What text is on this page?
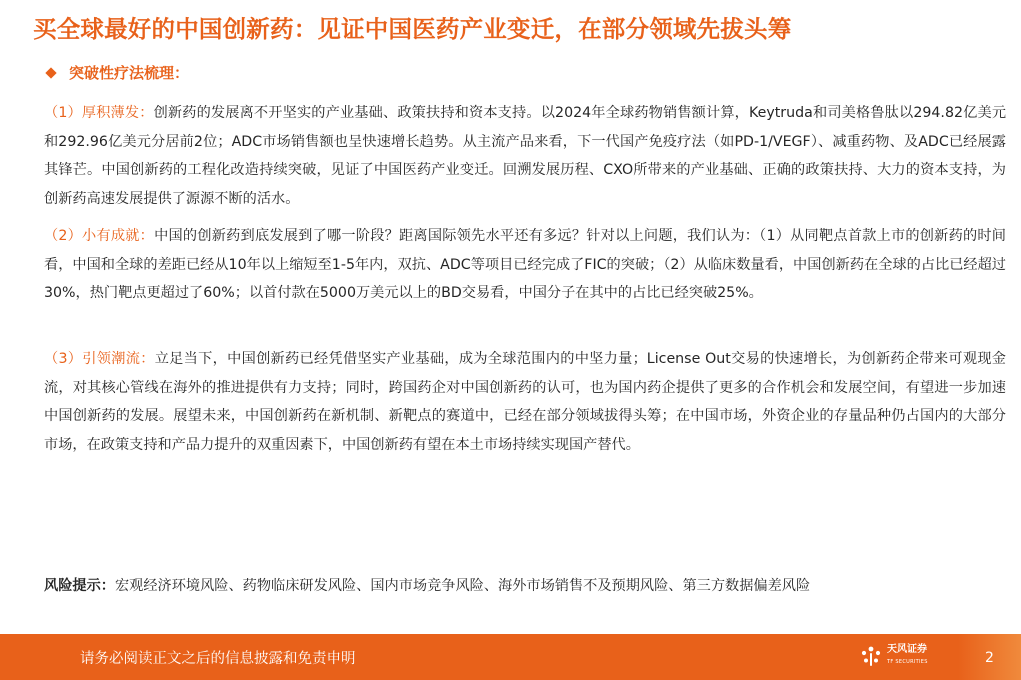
买全球最好的中国创新药：见证中国医药产业变迁，在部分领域先拔头筹
突破性疗法梳理：

（1）厚积薄发：创新药的发展离不开坚实的产业基础、政策扶持和资本支持。以2024年全球药物销售额计算，Keytruda和司美格鲁肽以294.82亿美元和292.96亿美元分居前2位；ADC市场销售额也呈快速增长趋势。从主流产品来看，下一代国产免疫疗法（如PD-1/VEGF）、减重药物、及ADC已经展露其锋芒。中国创新药的工程化改造持续突破，见证了中国医药产业变迁。回溯发展历程、CXO所带来的产业基础、正确的政策扶持、大力的资本支持，为创新药高速发展提供了源源不断的活水。

（2）小有成就：中国的创新药到底发展到了哪一阶段？距离国际领先水平还有多远？针对以上问题，我们认为：（1）从同靶点首款上市的创新药的时间看，中国和全球的差距已经从10年以上缩短至1-5年内，双抗、ADC等项目已经完成了FIC的突破；（2）从临床数量看，中国创新药在全球的占比已经超过30%，热门靶点更超过了60%；以首付款在5000万美元以上的BD交易看，中国分子在其中的占比已经突破25%。

（3）引领潮流：立足当下，中国创新药已经凭借坚实产业基础，成为全球范围内的中坚力量；License Out交易的快速增长，为创新药企带来可观现金流，对其核心管线在海外的推进提供有力支持；同时，跨国药企对中国创新药的认可，也为国内药企提供了更多的合作机会和发展空间，有望进一步加速中国创新药的发展。展望未来，中国创新药在新机制、新靶点的赛道中，已经在部分领域拔得头筹；在中国市场，外资企业的存量品种仍占国内的大部分市场，在政策支持和产品力提升的双重因素下，中国创新药有望在本土市场持续实现国产替代。

风险提示：宏观经济环境风险、药物临床研发风险、国内市场竞争风险、海外市场销售不及预期风险、第三方数据偏差风险
请务必阅读正文之后的信息披露和免责申明
天风证券
TF SECURITIES	2
